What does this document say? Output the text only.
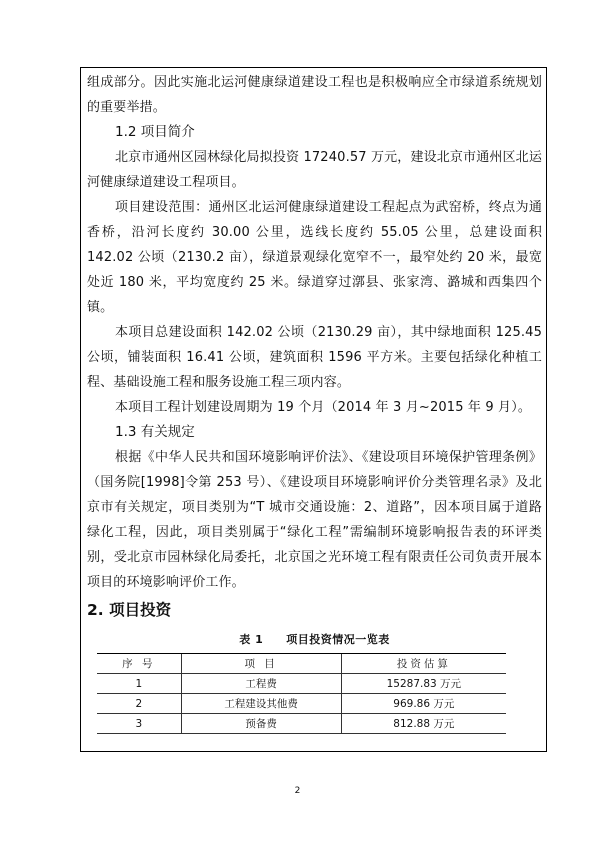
组成部分。因此实施北运河健康绿道建设工程也是积极响应全市绿道系统规划的重要举措。

1.2 项目简介

北京市通州区园林绿化局拟投资 17240.57 万元，建设北京市通州区北运河健康绿道建设工程项目。

项目建设范围：通州区北运河健康绿道建设工程起点为武窑桥，终点为通香桥，沿河长度约 30.00 公里，选线长度约 55.05 公里，总建设面积 142.02 公顷（2130.2 亩），绿道景观绿化宽窄不一，最窄处约 20 米，最宽处近 180 米，平均宽度约 25 米。绿道穿过漷县、张家湾、潞城和西集四个镇。

本项目总建设面积 142.02 公顷（2130.29 亩），其中绿地面积 125.45 公顷，铺装面积 16.41 公顷，建筑面积 1596 平方米。主要包括绿化种植工程、基础设施工程和服务设施工程三项内容。

本项目工程计划建设周期为 19 个月（2014 年 3 月~2015 年 9 月）。

1.3 有关规定

根据《中华人民共和国环境影响评价法》、《建设项目环境保护管理条例》（国务院[1998]令第 253 号）、《建设项目环境影响评价分类管理名录》及北京市有关规定，项目类别为“T 城市交通设施：2、道路”，因本项目属于道路绿化工程，因此，项目类别属于“绿化工程”需编制环境影响报告表的环评类别，受北京市园林绿化局委托，北京国之光环境工程有限责任公司负责开展本项目的环境影响评价工作。

2. 项目投资

表 1　　项目投资情况一览表
序 号	项 目	投资估算
1	工程费	15287.83 万元
2	工程建设其他费	969.86 万元
3	预备费	812.88 万元
2
